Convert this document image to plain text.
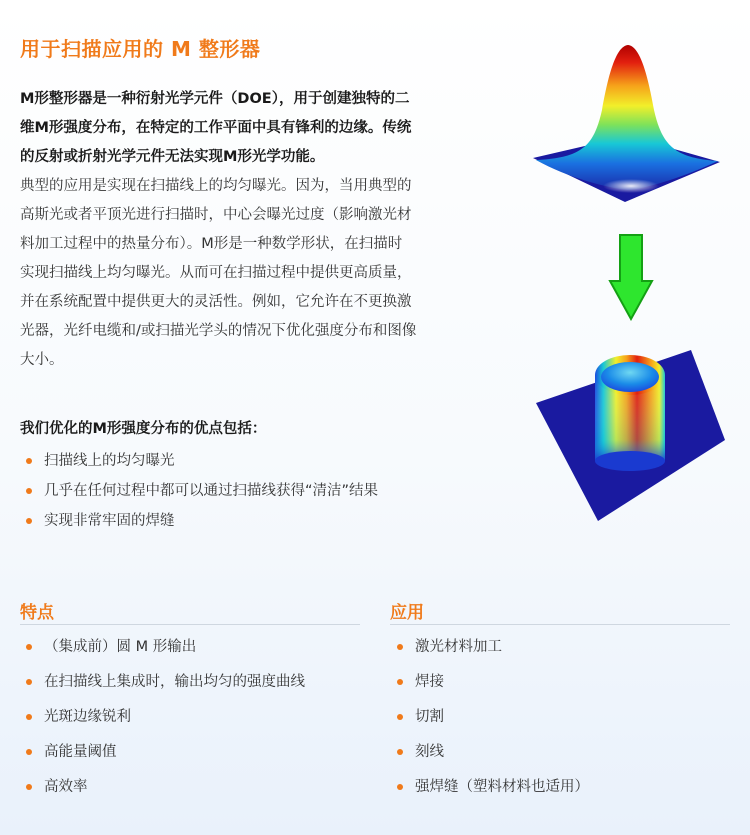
用于扫描应用的 M 整形器
M形整形器是一种衍射光学元件（DOE），用于创建独特的二
维M形强度分布，在特定的工作平面中具有锋利的边缘。传统
的反射或折射光学元件无法实现M形光学功能。
典型的应用是实现在扫描线上的均匀曝光。因为，当用典型的
高斯光或者平顶光进行扫描时，中心会曝光过度（影响激光材
料加工过程中的热量分布）。M形是一种数学形状，在扫描时
实现扫描线上均匀曝光。从而可在扫描过程中提供更高质量，
并在系统配置中提供更大的灵活性。例如，它允许在不更换激
光器，光纤电缆和/或扫描光学头的情况下优化强度分布和图像
大小。
我们优化的M形强度分布的优点包括：
扫描线上的均匀曝光
几乎在任何过程中都可以通过扫描线获得“清洁”结果
实现非常牢固的焊缝
特点
（集成前）圆 M 形输出
在扫描线上集成时，输出均匀的强度曲线
光斑边缘锐利
高能量阈值
高效率
应用
激光材料加工
焊接
切割
刻线
强焊缝（塑料材料也适用）
